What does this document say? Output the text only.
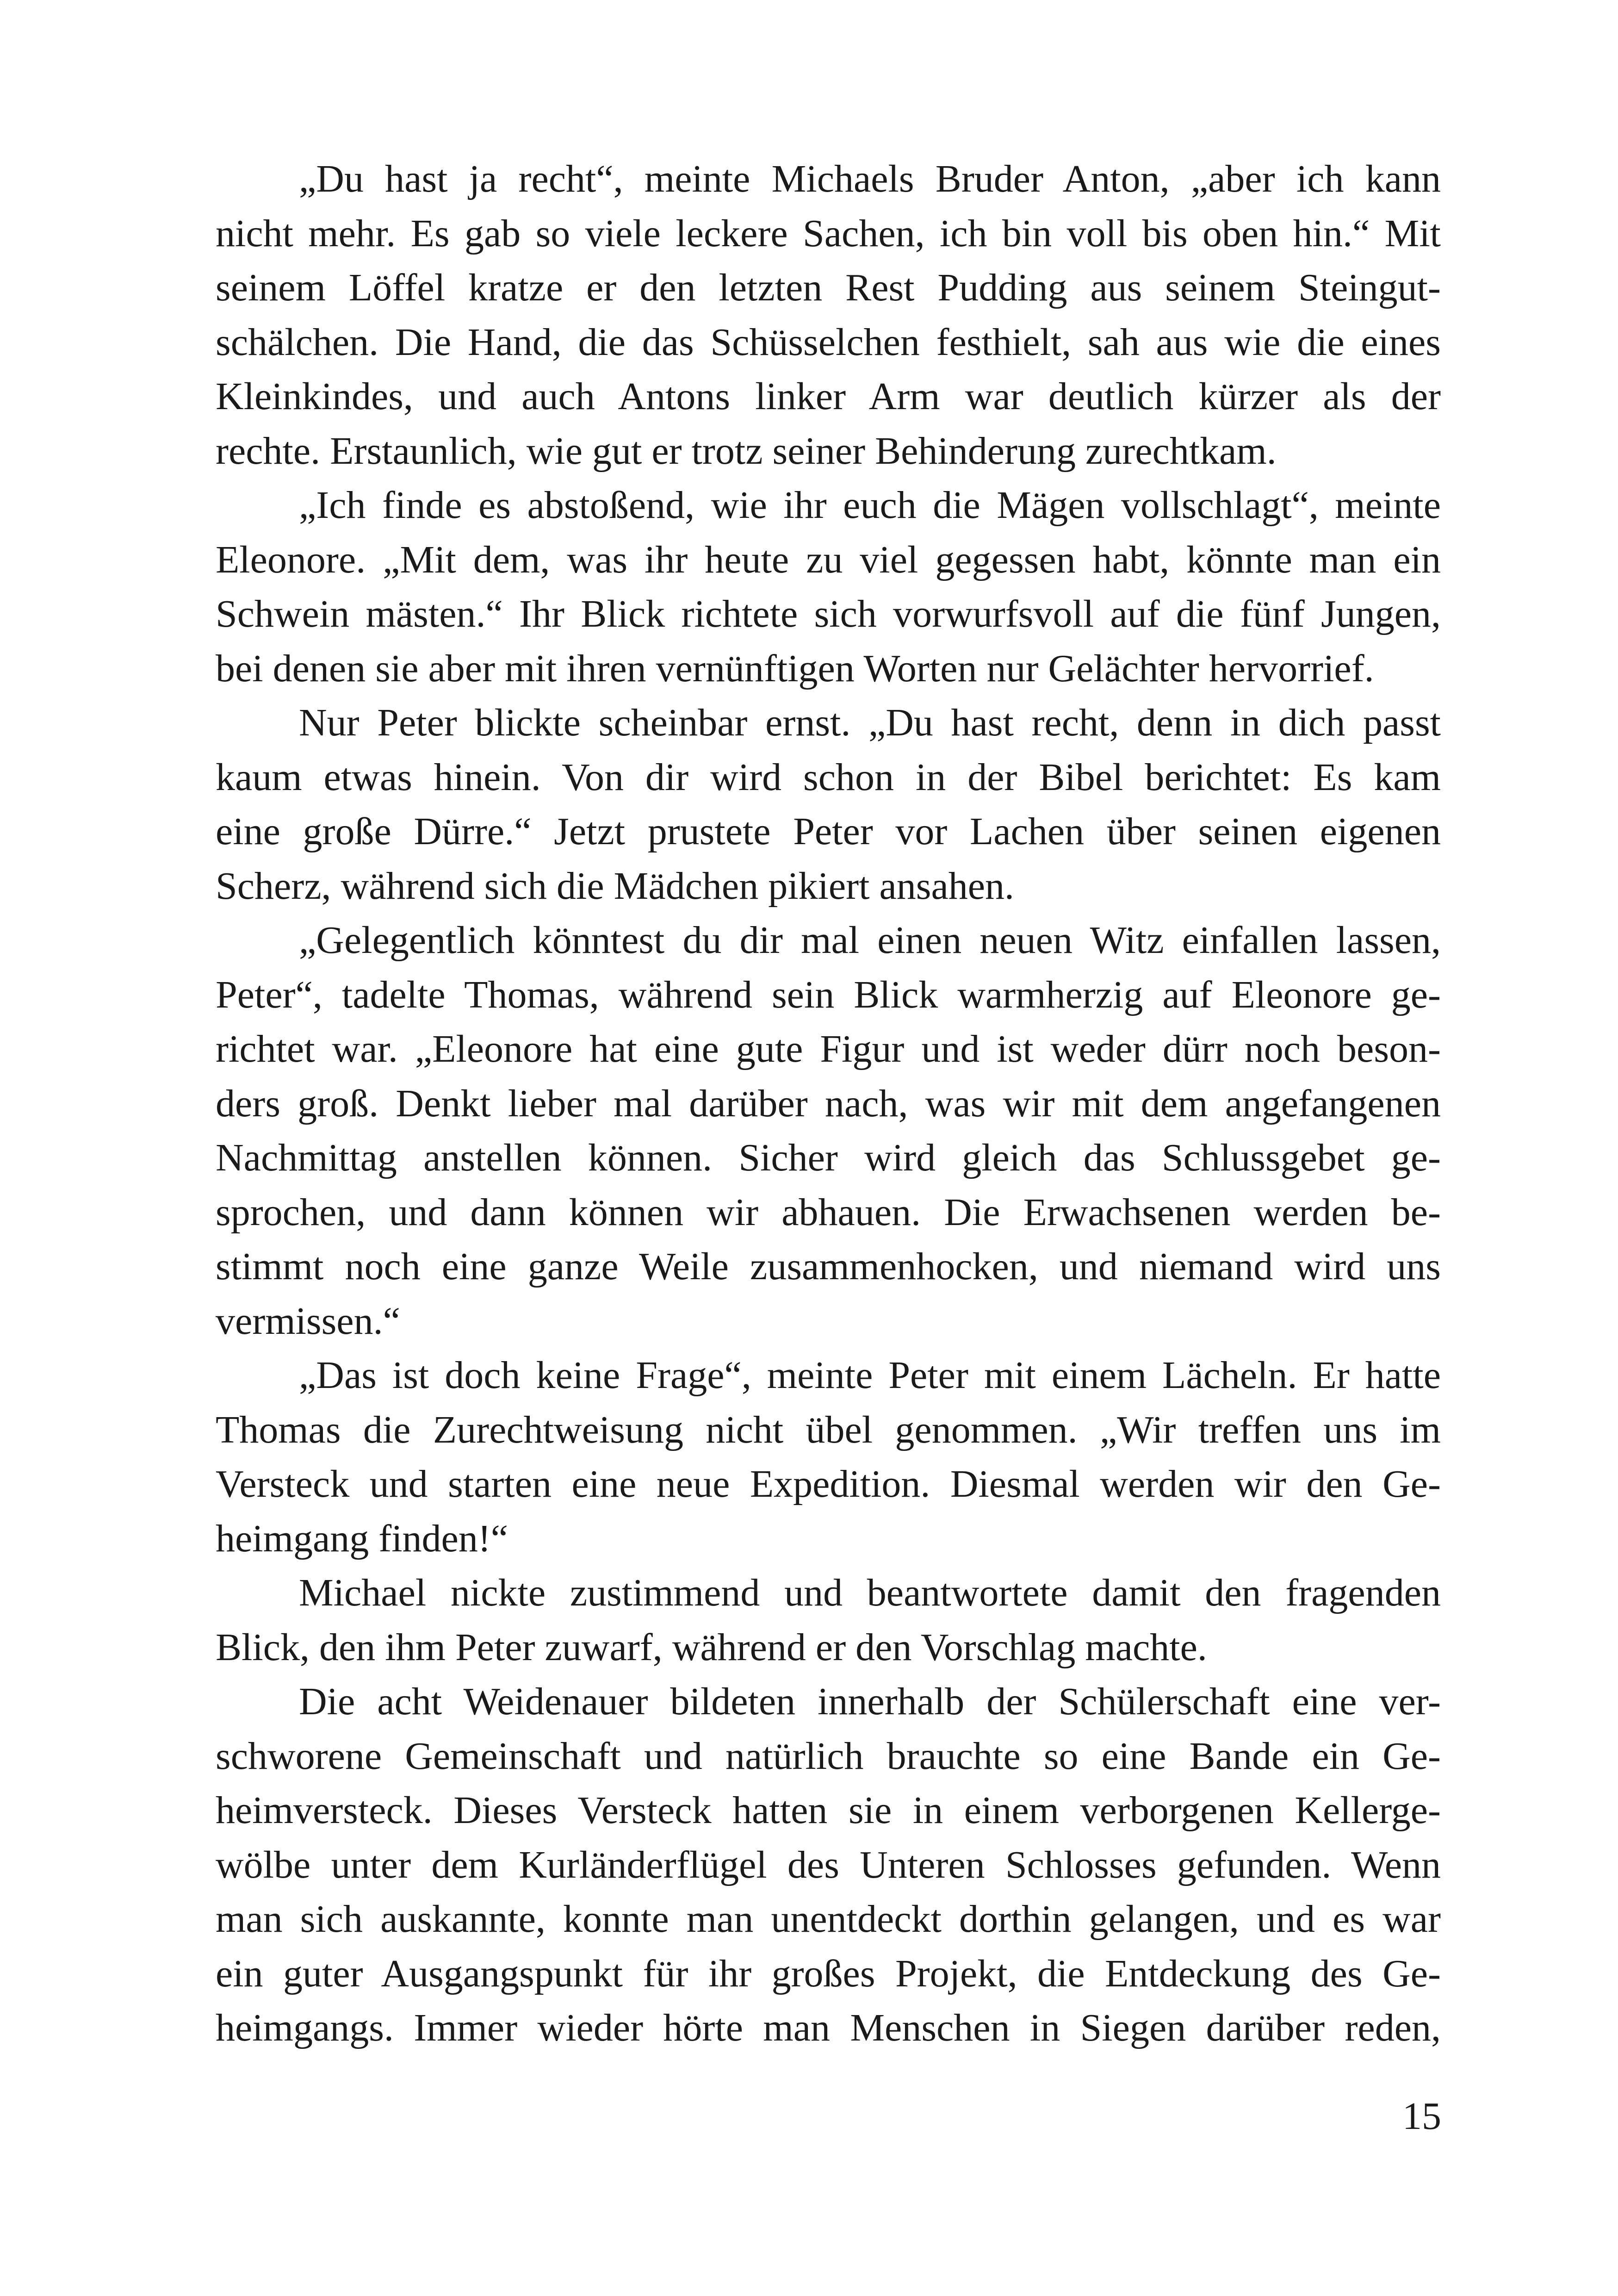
„Du hast ja recht“, meinte Michaels Bruder Anton, „aber ich kann
nicht mehr. Es gab so viele leckere Sachen, ich bin voll bis oben hin.“ Mit
seinem Löffel kratze er den letzten Rest Pudding aus seinem Steingut-
schälchen. Die Hand, die das Schüsselchen festhielt, sah aus wie die eines
Kleinkindes, und auch Antons linker Arm war deutlich kürzer als der
rechte. Erstaunlich, wie gut er trotz seiner Behinderung zurechtkam.
„Ich finde es abstoßend, wie ihr euch die Mägen vollschlagt“, meinte
Eleonore. „Mit dem, was ihr heute zu viel gegessen habt, könnte man ein
Schwein mästen.“ Ihr Blick richtete sich vorwurfsvoll auf die fünf Jungen,
bei denen sie aber mit ihren vernünftigen Worten nur Gelächter hervorrief.
Nur Peter blickte scheinbar ernst. „Du hast recht, denn in dich passt
kaum etwas hinein. Von dir wird schon in der Bibel berichtet: Es kam
eine große Dürre.“ Jetzt prustete Peter vor Lachen über seinen eigenen
Scherz, während sich die Mädchen pikiert ansahen.
„Gelegentlich könntest du dir mal einen neuen Witz einfallen lassen,
Peter“, tadelte Thomas, während sein Blick warmherzig auf Eleonore ge-
richtet war. „Eleonore hat eine gute Figur und ist weder dürr noch beson-
ders groß. Denkt lieber mal darüber nach, was wir mit dem angefangenen
Nachmittag anstellen können. Sicher wird gleich das Schlussgebet ge-
sprochen, und dann können wir abhauen. Die Erwachsenen werden be-
stimmt noch eine ganze Weile zusammenhocken, und niemand wird uns
vermissen.“
„Das ist doch keine Frage“, meinte Peter mit einem Lächeln. Er hatte
Thomas die Zurechtweisung nicht übel genommen. „Wir treffen uns im
Versteck und starten eine neue Expedition. Diesmal werden wir den Ge-
heimgang finden!“
Michael nickte zustimmend und beantwortete damit den fragenden
Blick, den ihm Peter zuwarf, während er den Vorschlag machte.
Die acht Weidenauer bildeten innerhalb der Schülerschaft eine ver-
schworene Gemeinschaft und natürlich brauchte so eine Bande ein Ge-
heimversteck. Dieses Versteck hatten sie in einem verborgenen Kellerge-
wölbe unter dem Kurländerflügel des Unteren Schlosses gefunden. Wenn
man sich auskannte, konnte man unentdeckt dorthin gelangen, und es war
ein guter Ausgangspunkt für ihr großes Projekt, die Entdeckung des Ge-
heimgangs. Immer wieder hörte man Menschen in Siegen darüber reden,
15
